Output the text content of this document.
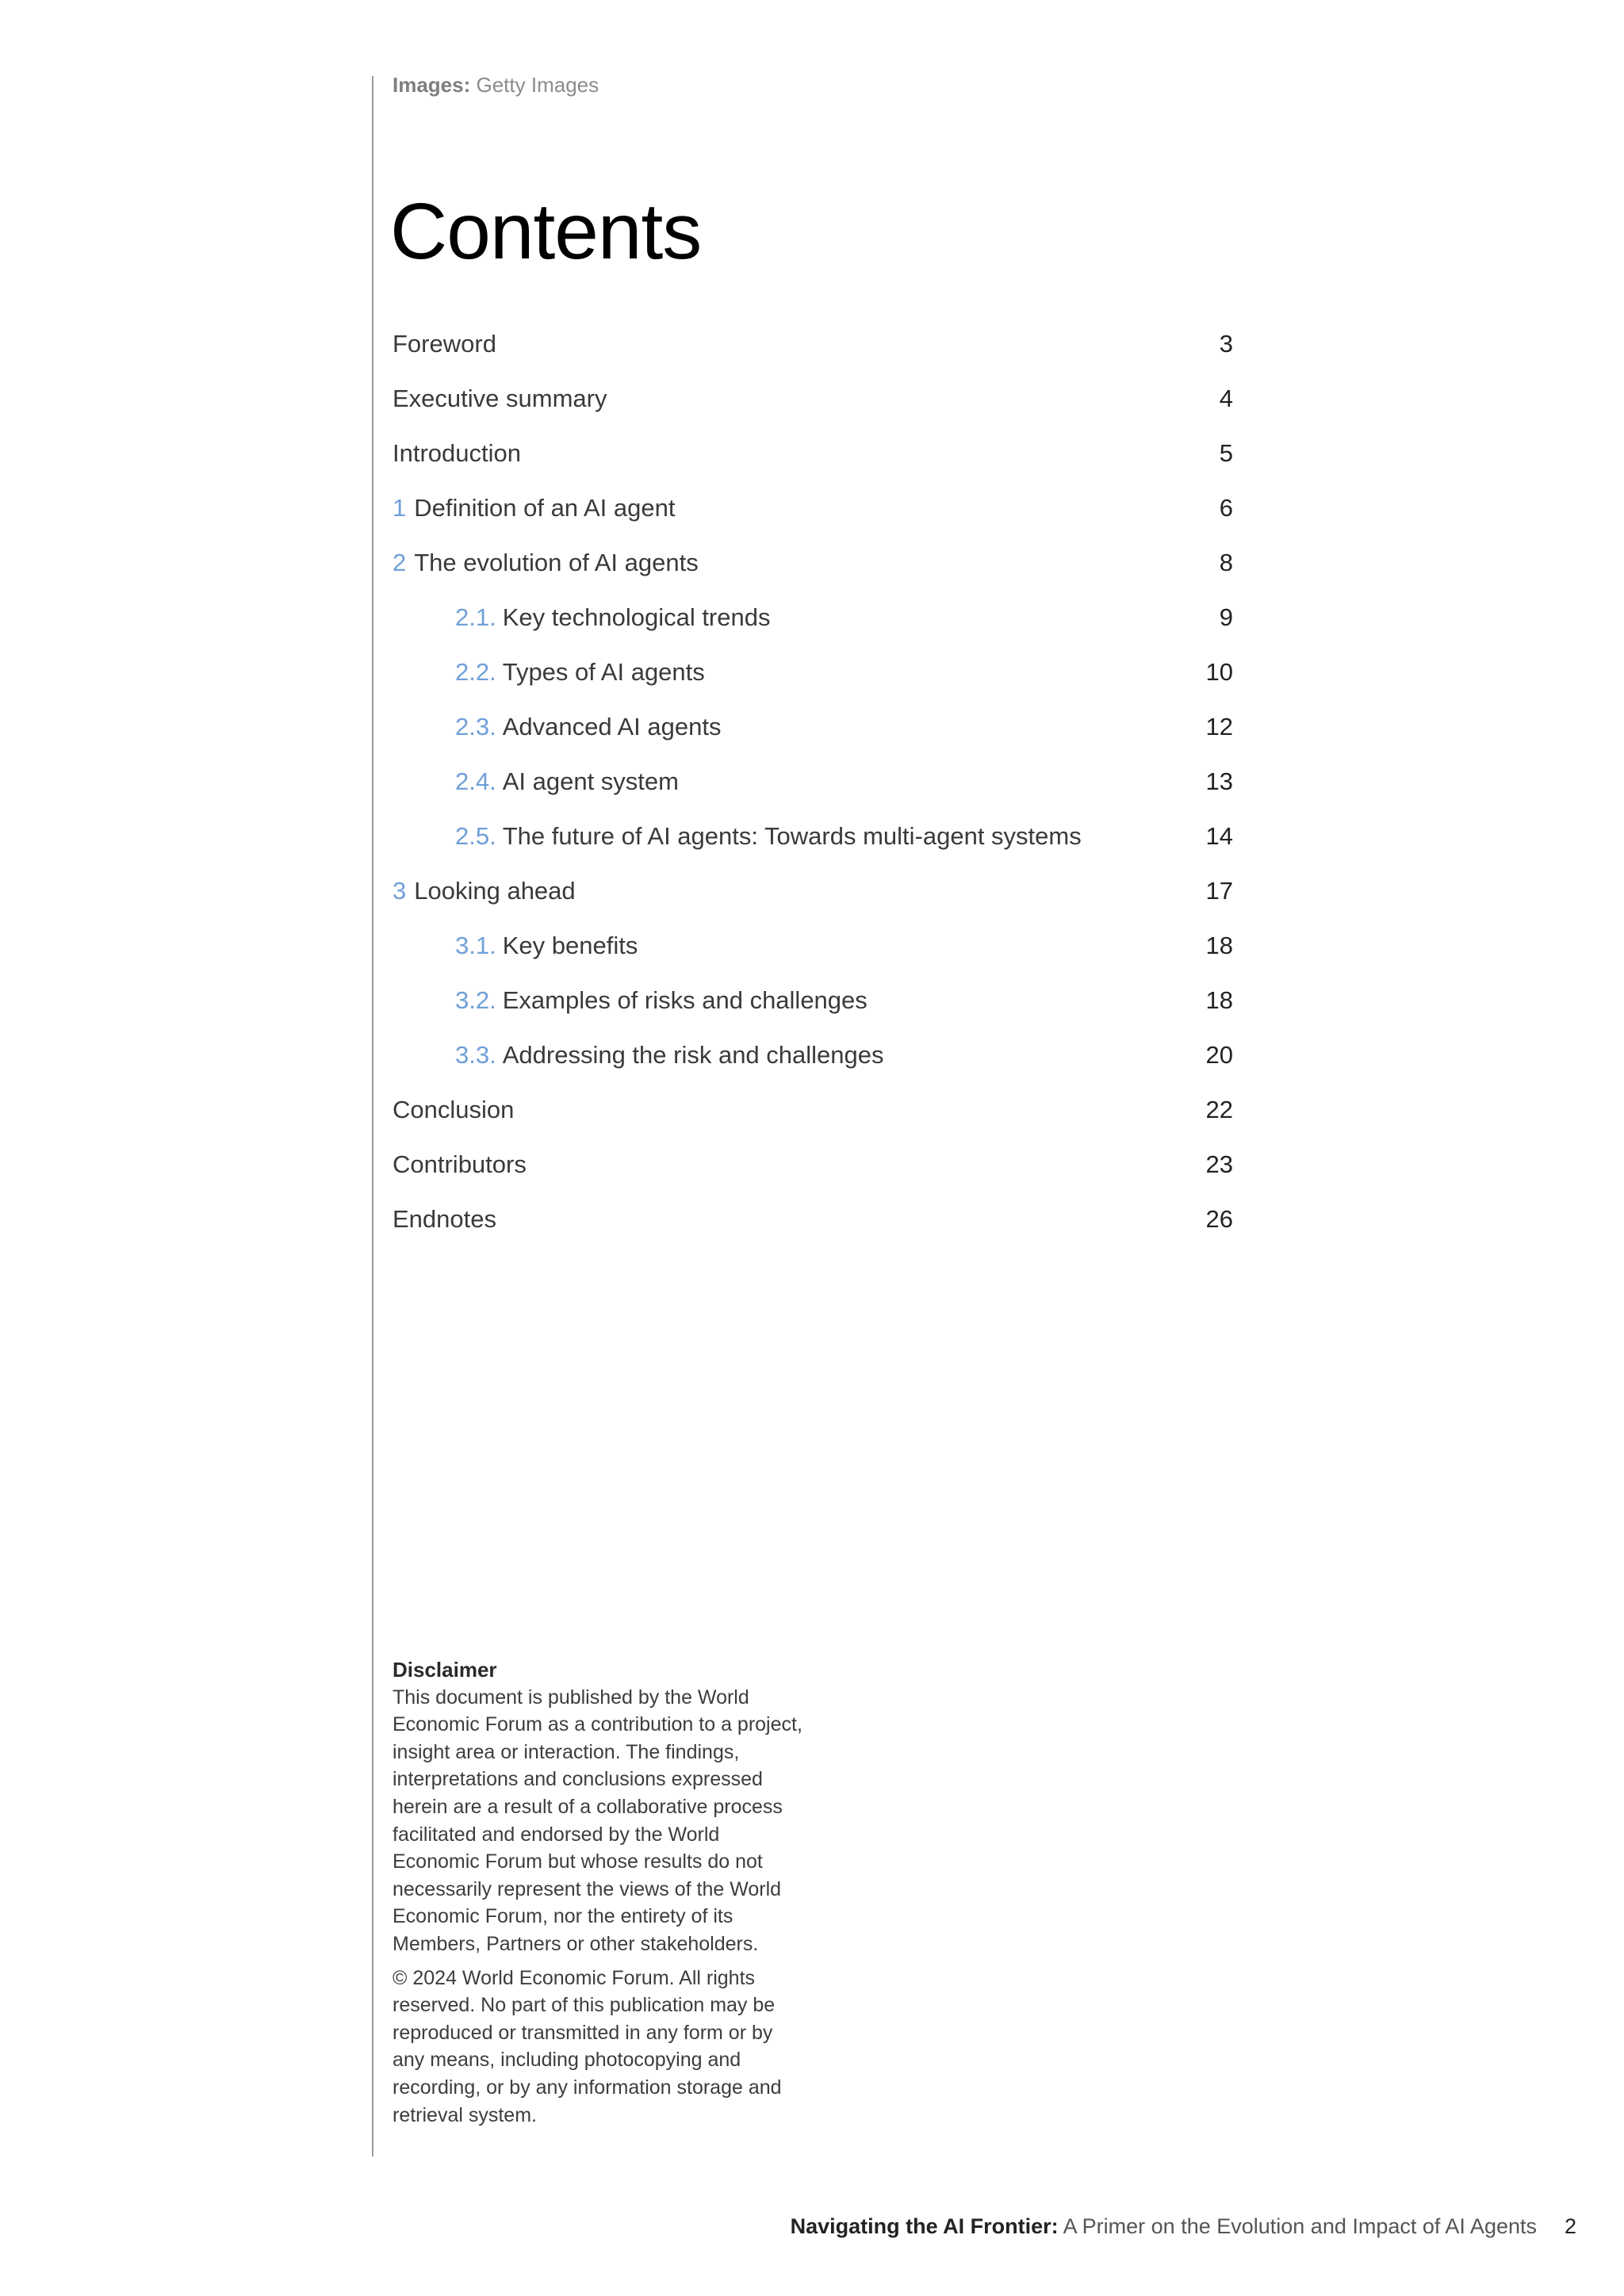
Images: Getty Images
Contents
Foreword	3
Executive summary	4
Introduction	5
1 Definition of an AI agent	6
2 The evolution of AI agents	8
2.1. Key technological trends	9
2.2. Types of AI agents	10
2.3. Advanced AI agents	12
2.4. AI agent system	13
2.5. The future of AI agents: Towards multi-agent systems	14
3 Looking ahead	17
3.1. Key benefits	18
3.2. Examples of risks and challenges	18
3.3. Addressing the risk and challenges	20
Conclusion	22
Contributors	23
Endnotes	26
Disclaimer

This document is published by the World Economic Forum as a contribution to a project, insight area or interaction. The findings, interpretations and conclusions expressed herein are a result of a collaborative process facilitated and endorsed by the World Economic Forum but whose results do not necessarily represent the views of the World Economic Forum, nor the entirety of its Members, Partners or other stakeholders.

© 2024 World Economic Forum. All rights reserved. No part of this publication may be reproduced or transmitted in any form or by any means, including photocopying and recording, or by any information storage and retrieval system.

Navigating the AI Frontier: A Primer on the Evolution and Impact of AI Agents 2
